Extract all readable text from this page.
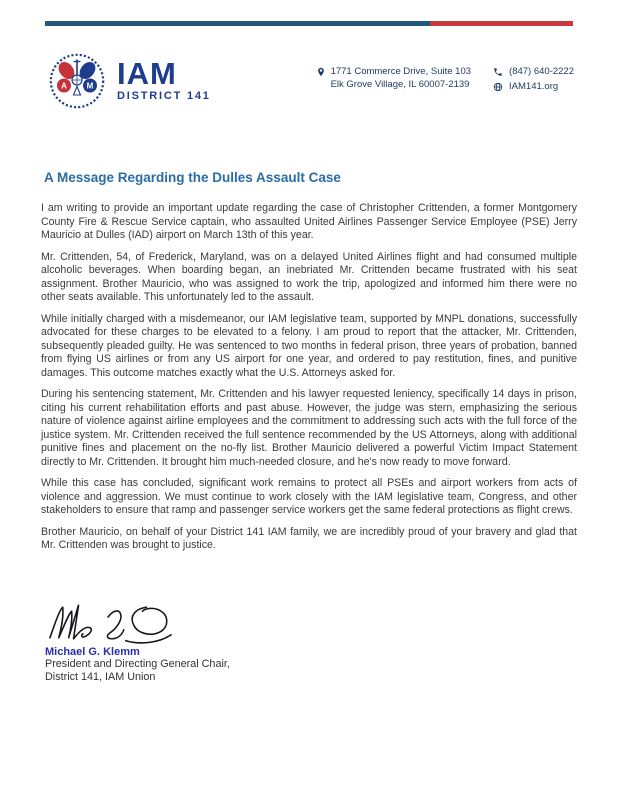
A M IAM
DISTRICT 141
1771 Commerce Drive, Suite 103
Elk Grove Village, IL 60007-2139
(847) 640-2222
IAM141.org
A Message Regarding the Dulles Assault Case

I am writing to provide an important update regarding the case of Christopher Crittenden, a former Montgomery County Fire & Rescue Service captain, who assaulted United Airlines Passenger Service Employee (PSE) Jerry Mauricio at Dulles (IAD) airport on March 13th of this year.

Mr. Crittenden, 54, of Frederick, Maryland, was on a delayed United Airlines flight and had consumed multiple alcoholic beverages. When boarding began, an inebriated Mr. Crittenden became frustrated with his seat assignment. Brother Mauricio, who was assigned to work the trip, apologized and informed him there were no other seats available. This unfortunately led to the assault.

While initially charged with a misdemeanor, our IAM legislative team, supported by MNPL donations, successfully advocated for these charges to be elevated to a felony. I am proud to report that the attacker, Mr. Crittenden, subsequently pleaded guilty. He was sentenced to two months in federal prison, three years of probation, banned from flying US airlines or from any US airport for one year, and ordered to pay restitution, fines, and punitive damages. This outcome matches exactly what the U.S. Attorneys asked for.

During his sentencing statement, Mr. Crittenden and his lawyer requested leniency, specifically 14 days in prison, citing his current rehabilitation efforts and past abuse. However, the judge was stern, emphasizing the serious nature of violence against airline employees and the commitment to addressing such acts with the full force of the justice system. Mr. Crittenden received the full sentence recommended by the US Attorneys, along with additional punitive fines and placement on the no-fly list. Brother Mauricio delivered a powerful Victim Impact Statement directly to Mr. Crittenden. It brought him much-needed closure, and he's now ready to move forward.

While this case has concluded, significant work remains to protect all PSEs and airport workers from acts of violence and aggression. We must continue to work closely with the IAM legislative team, Congress, and other stakeholders to ensure that ramp and passenger service workers get the same federal protections as flight crews.

Brother Mauricio, on behalf of your District 141 IAM family, we are incredibly proud of your bravery and glad that Mr. Crittenden was brought to justice.

Michael G. Klemm
President and Directing General Chair,
District 141, IAM Union
